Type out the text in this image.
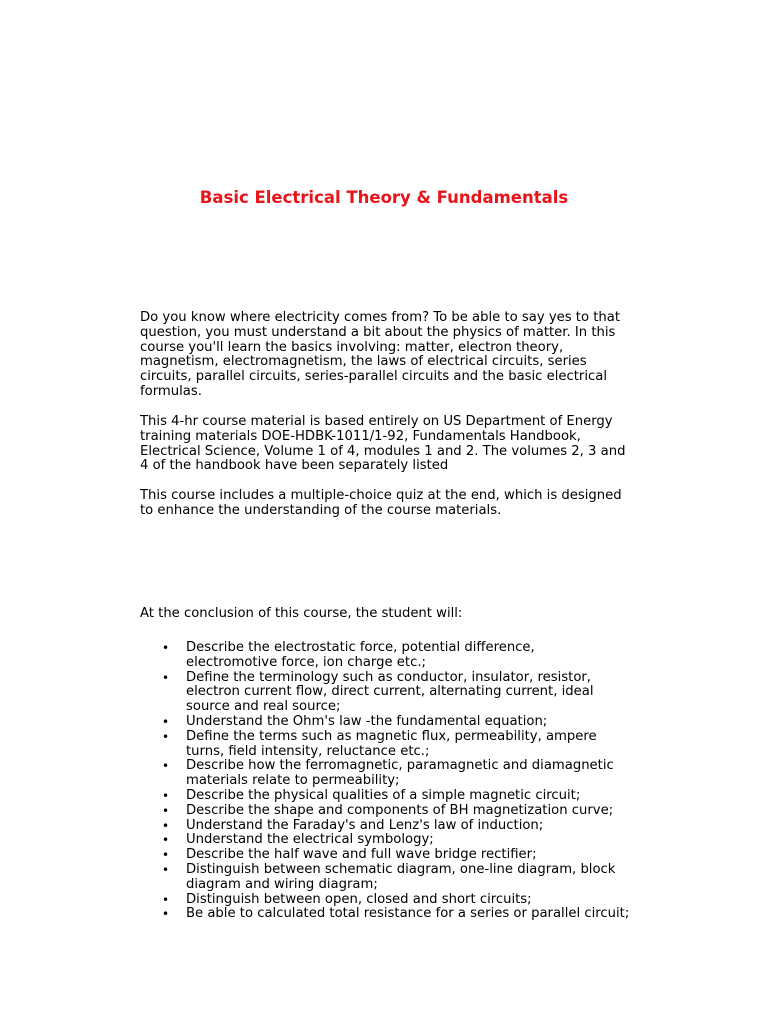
Basic Electrical Theory & Fundamentals

Do you know where electricity comes from? To be able to say yes to that question, you must understand a bit about the physics of matter. In this course you'll learn the basics involving: matter, electron theory, magnetism, electromagnetism, the laws of electrical circuits, series circuits, parallel circuits, series-parallel circuits and the basic electrical formulas.

This 4-hr course material is based entirely on US Department of Energy training materials DOE-HDBK-1011/1-92, Fundamentals Handbook, Electrical Science, Volume 1 of 4, modules 1 and 2. The volumes 2, 3 and 4 of the handbook have been separately listed

This course includes a multiple-choice quiz at the end, which is designed to enhance the understanding of the course materials.

At the conclusion of this course, the student will:

• Describe the electrostatic force, potential difference, electromotive force, ion charge etc.;
• Define the terminology such as conductor, insulator, resistor, electron current flow, direct current, alternating current, ideal source and real source;
• Understand the Ohm's law -the fundamental equation;
• Define the terms such as magnetic flux, permeability, ampere turns, field intensity, reluctance etc.;
• Describe how the ferromagnetic, paramagnetic and diamagnetic materials relate to permeability;
• Describe the physical qualities of a simple magnetic circuit;
• Describe the shape and components of BH magnetization curve;
• Understand the Faraday's and Lenz's law of induction;
• Understand the electrical symbology;
• Describe the half wave and full wave bridge rectifier;
• Distinguish between schematic diagram, one-line diagram, block diagram and wiring diagram;
• Distinguish between open, closed and short circuits;
• Be able to calculated total resistance for a series or parallel circuit;
